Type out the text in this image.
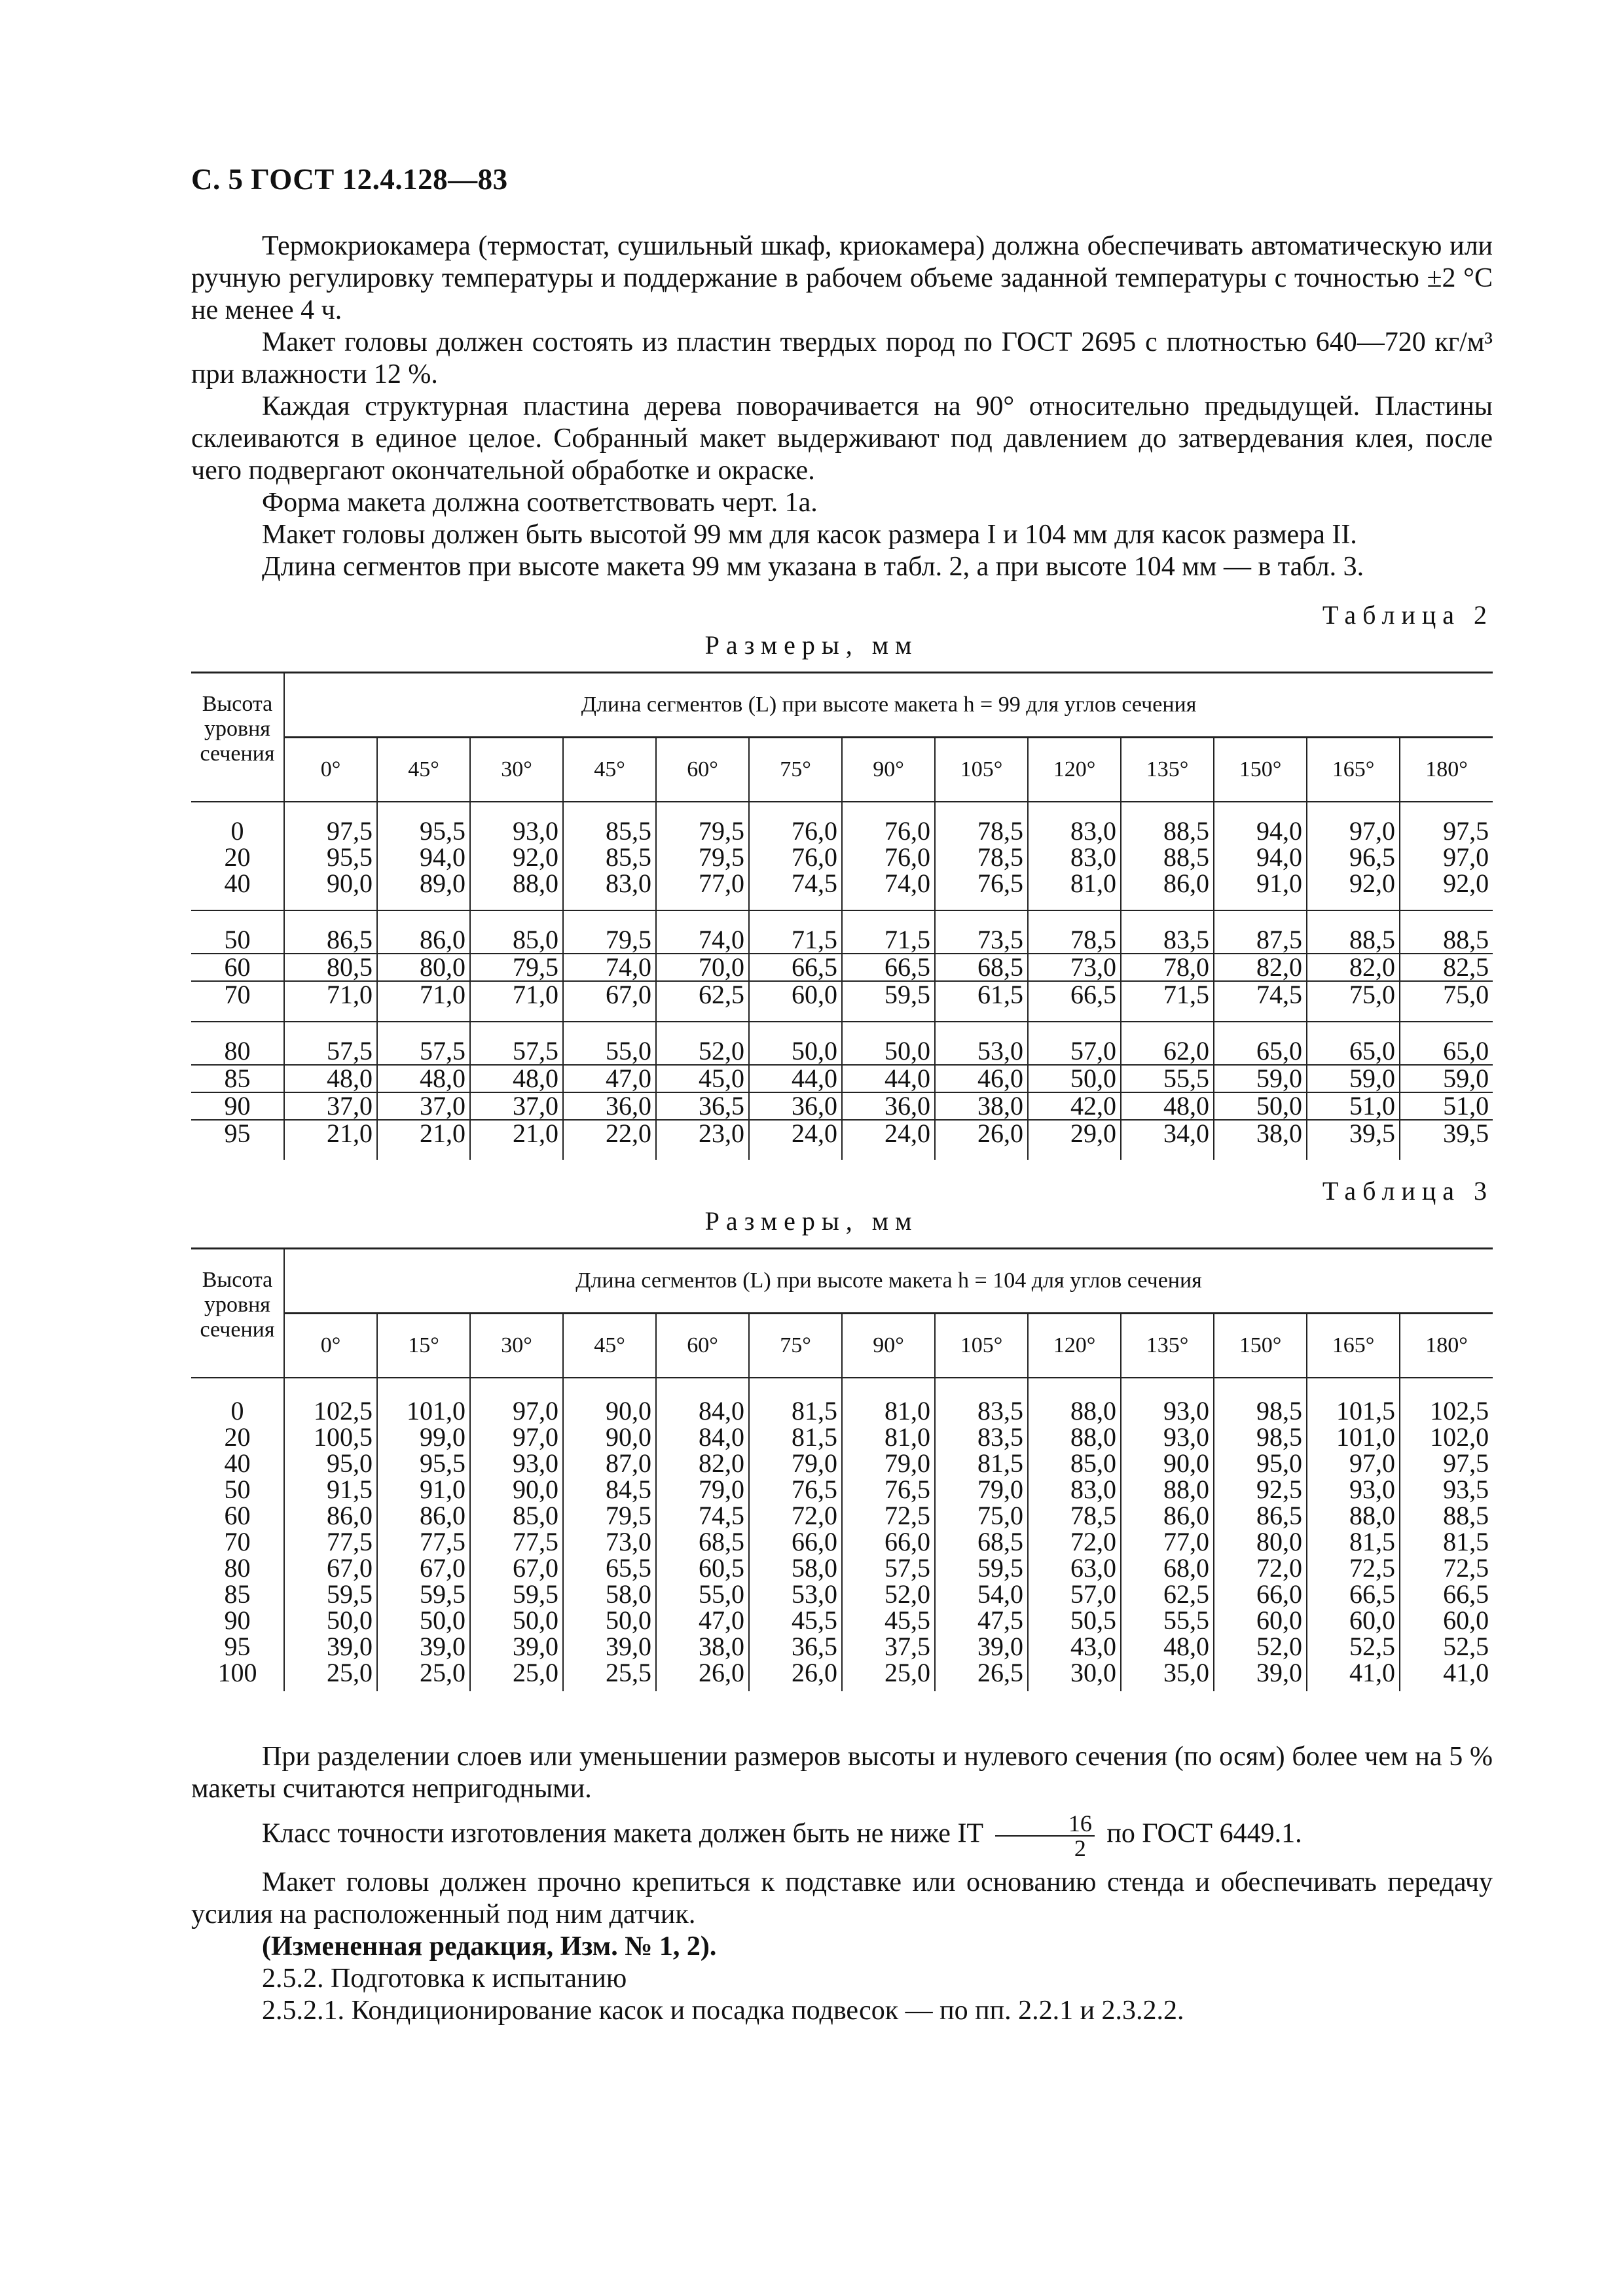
С. 5 ГОСТ 12.4.128—83

Термокриокамера (термостат, сушильный шкаф, криокамера) должна обеспечивать автоматическую или ручную регулировку температуры и поддержание в рабочем объеме заданной температуры с точностью ±2 °С не менее 4 ч.

Макет головы должен состоять из пластин твердых пород по ГОСТ 2695 с плотностью 640—720 кг/м³ при влажности 12 %.

Каждая структурная пластина дерева поворачивается на 90° относительно предыдущей. Пластины склеиваются в единое целое. Собранный макет выдерживают под давлением до затвердевания клея, после чего подвергают окончательной обработке и окраске.

Форма макета должна соответствовать черт. 1а.

Макет головы должен быть высотой 99 мм для касок размера I и 104 мм для касок размера II.

Длина сегментов при высоте макета 99 мм указана в табл. 2, а при высоте 104 мм — в табл. 3.

Таблица 2
Размеры, мм
Высота уровня сечения	Длина сегментов (L) при высоте макета h = 99 для углов сечения												
	0°	45°	30°	45°	60°	75°	90°	105°	120°	135°	150°	165°	180°
0	97,5	95,5	93,0	85,5	79,5	76,0	76,0	78,5	83,0	88,5	94,0	97,0	97,5
20	95,5	94,0	92,0	85,5	79,5	76,0	76,0	78,5	83,0	88,5	94,0	96,5	97,0
40	90,0	89,0	88,0	83,0	77,0	74,5	74,0	76,5	81,0	86,0	91,0	92,0	92,0
50	86,5	86,0	85,0	79,5	74,0	71,5	71,5	73,5	78,5	83,5	87,5	88,5	88,5
60	80,5	80,0	79,5	74,0	70,0	66,5	66,5	68,5	73,0	78,0	82,0	82,0	82,5
70	71,0	71,0	71,0	67,0	62,5	60,0	59,5	61,5	66,5	71,5	74,5	75,0	75,0
80	57,5	57,5	57,5	55,0	52,0	50,0	50,0	53,0	57,0	62,0	65,0	65,0	65,0
85	48,0	48,0	48,0	47,0	45,0	44,0	44,0	46,0	50,0	55,5	59,0	59,0	59,0
90	37,0	37,0	37,0	36,0	36,5	36,0	36,0	38,0	42,0	48,0	50,0	51,0	51,0
95	21,0	21,0	21,0	22,0	23,0	24,0	24,0	26,0	29,0	34,0	38,0	39,5	39,5
Таблица 3
Размеры, мм
Высота уровня сечения	Длина сегментов (L) при высоте макета h = 104 для углов сечения												
	0°	15°	30°	45°	60°	75°	90°	105°	120°	135°	150°	165°	180°
0	102,5	101,0	97,0	90,0	84,0	81,5	81,0	83,5	88,0	93,0	98,5	101,5	102,5
20	100,5	99,0	97,0	90,0	84,0	81,5	81,0	83,5	88,0	93,0	98,5	101,0	102,0
40	95,0	95,5	93,0	87,0	82,0	79,0	79,0	81,5	85,0	90,0	95,0	97,0	97,5
50	91,5	91,0	90,0	84,5	79,0	76,5	76,5	79,0	83,0	88,0	92,5	93,0	93,5
60	86,0	86,0	85,0	79,5	74,5	72,0	72,5	75,0	78,5	86,0	86,5	88,0	88,5
70	77,5	77,5	77,5	73,0	68,5	66,0	66,0	68,5	72,0	77,0	80,0	81,5	81,5
80	67,0	67,0	67,0	65,5	60,5	58,0	57,5	59,5	63,0	68,0	72,0	72,5	72,5
85	59,5	59,5	59,5	58,0	55,0	53,0	52,0	54,0	57,0	62,5	66,0	66,5	66,5
90	50,0	50,0	50,0	50,0	47,0	45,5	45,5	47,5	50,5	55,5	60,0	60,0	60,0
95	39,0	39,0	39,0	39,0	38,0	36,5	37,5	39,0	43,0	48,0	52,0	52,5	52,5
100	25,0	25,0	25,0	25,5	26,0	26,0	25,0	26,5	30,0	35,0	39,0	41,0	41,0

При разделении слоев или уменьшении размеров высоты и нулевого сечения (по осям) более чем на 5 % макеты считаются непригодными.

Класс точности изготовления макета должен быть не ниже IT $\frac{16}{2}$ по ГОСТ 6449.1.

Макет головы должен прочно крепиться к подставке или основанию стенда и обеспечивать передачу усилия на расположенный под ним датчик.

(Измененная редакция, Изм. № 1, 2).

2.5.2. Подготовка к испытанию

2.5.2.1. Кондиционирование касок и посадка подвесок — по пп. 2.2.1 и 2.3.2.2.
